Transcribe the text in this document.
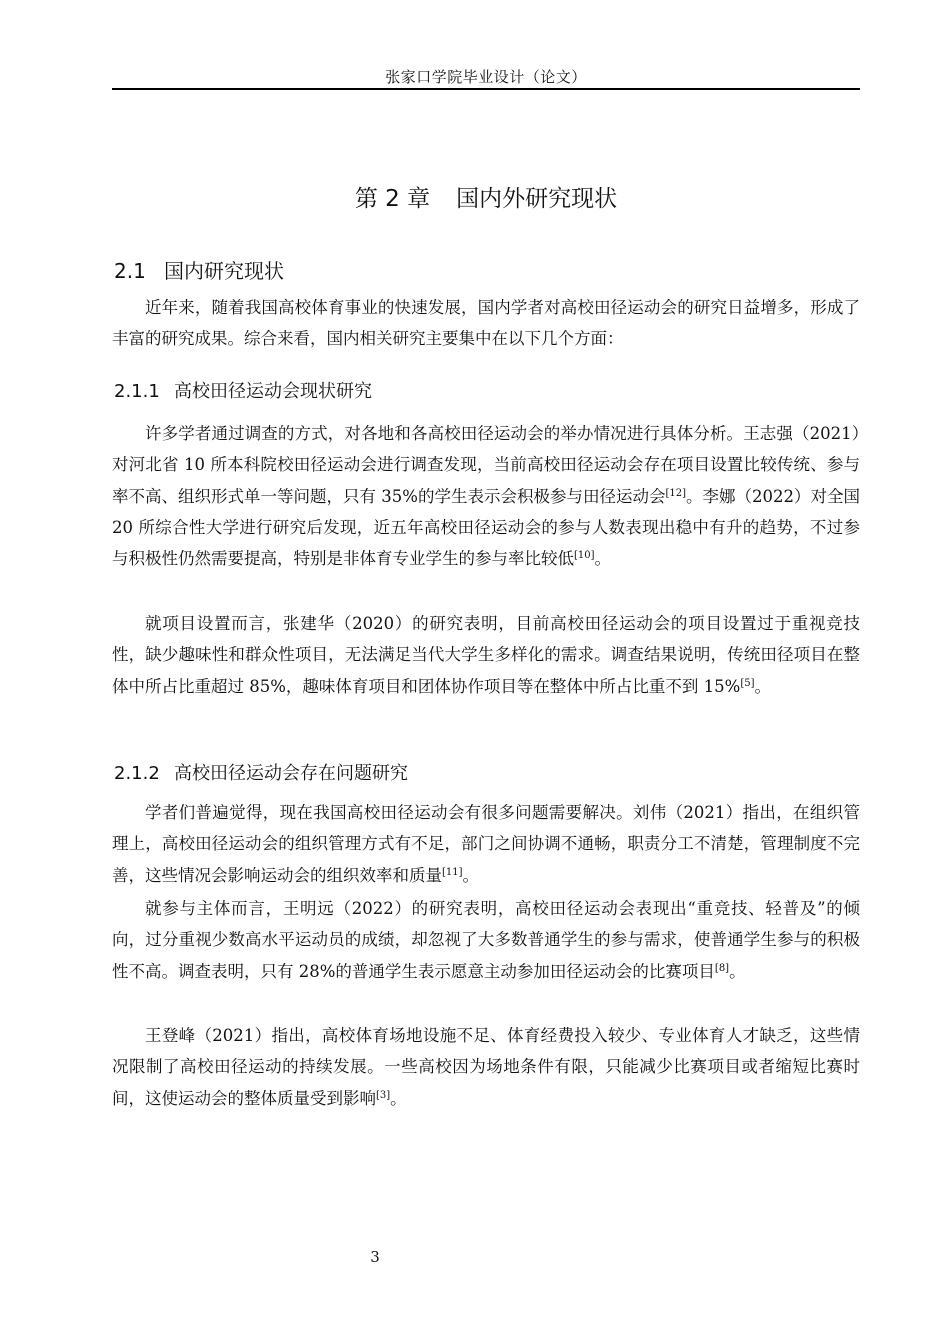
张家口学院毕业设计（论文）
第 2 章 国内外研究现状
2.1 国内研究现状

近年来，随着我国高校体育事业的快速发展，国内学者对高校田径运动会的研究日益增多，形成了丰富的研究成果。综合来看，国内相关研究主要集中在以下几个方面：

2.1.1 高校田径运动会现状研究

许多学者通过调查的方式，对各地和各高校田径运动会的举办情况进行具体分析。王志强（2021）对河北省 10 所本科院校田径运动会进行调查发现，当前高校田径运动会存在项目设置比较传统、参与率不高、组织形式单一等问题，只有 35%的学生表示会积极参与田径运动会[12]。李娜（2022）对全国 20 所综合性大学进行研究后发现，近五年高校田径运动会的参与人数表现出稳中有升的趋势，不过参与积极性仍然需要提高，特别是非体育专业学生的参与率比较低[10]。

就项目设置而言，张建华（2020）的研究表明，目前高校田径运动会的项目设置过于重视竞技性，缺少趣味性和群众性项目，无法满足当代大学生多样化的需求。调查结果说明，传统田径项目在整体中所占比重超过 85%，趣味体育项目和团体协作项目等在整体中所占比重不到 15%[5]。

2.1.2 高校田径运动会存在问题研究

学者们普遍觉得，现在我国高校田径运动会有很多问题需要解决。刘伟（2021）指出，在组织管理上，高校田径运动会的组织管理方式有不足，部门之间协调不通畅，职责分工不清楚，管理制度不完善，这些情况会影响运动会的组织效率和质量[11]。

就参与主体而言，王明远（2022）的研究表明，高校田径运动会表现出“重竞技、轻普及”的倾向，过分重视少数高水平运动员的成绩，却忽视了大多数普通学生的参与需求，使普通学生参与的积极性不高。调查表明，只有 28%的普通学生表示愿意主动参加田径运动会的比赛项目[8]。

王登峰（2021）指出，高校体育场地设施不足、体育经费投入较少、专业体育人才缺乏，这些情况限制了高校田径运动的持续发展。一些高校因为场地条件有限，只能减少比赛项目或者缩短比赛时间，这使运动会的整体质量受到影响[3]。

3
